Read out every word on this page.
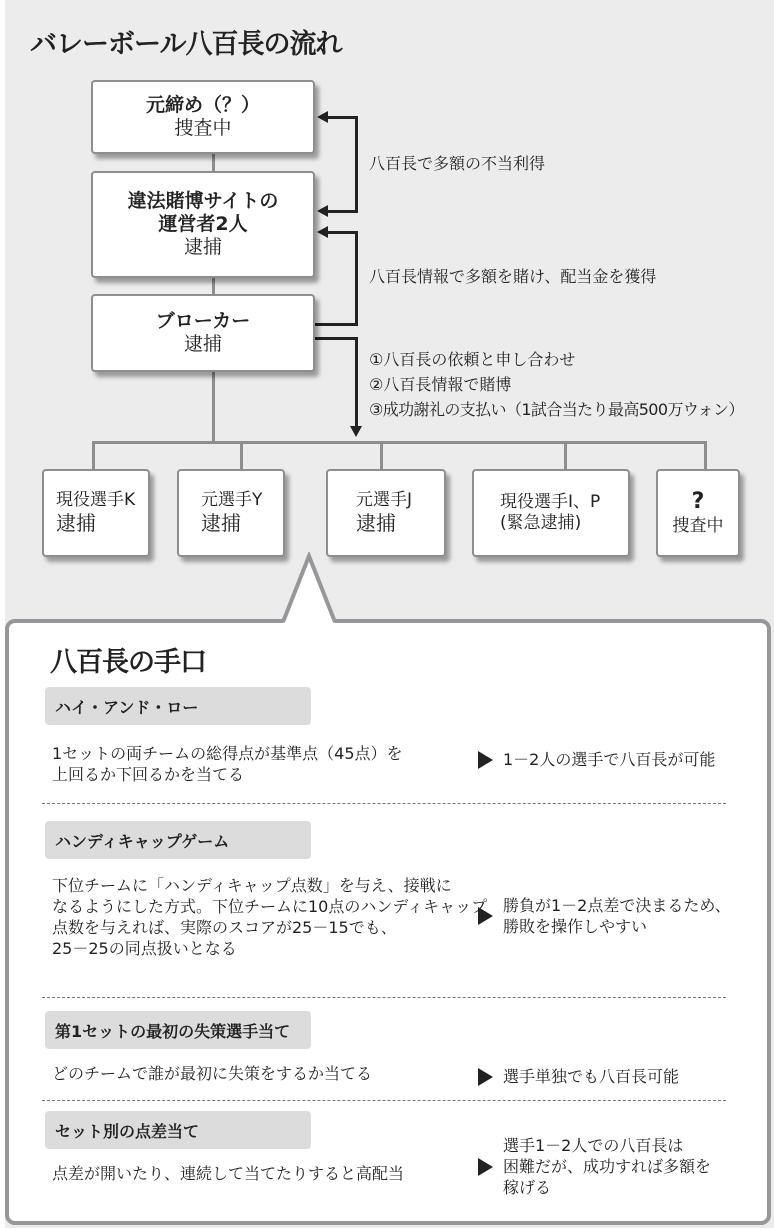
バレーボール八百長の流れ
元締め（？）
捜査中
違法賭博サイトの
運営者2人
逮捕
ブローカー
逮捕
八百長で多額の不当利得
八百長情報で多額を賭け、配当金を獲得
①八百長の依頼と申し合わせ
②八百長情報で賭博
③成功謝礼の支払い（1試合当たり最高500万ウォン）
現役選手K
逮捕
元選手Y
逮捕
元選手J
逮捕
現役選手I、P
(緊急逮捕)
?
捜査中
八百長の手口
ハイ・アンド・ロー
1セットの両チームの総得点が基準点（45点）を
上回るか下回るかを当てる
1－2人の選手で八百長が可能
ハンディキャップゲーム
下位チームに「ハンディキャップ点数」を与え、接戦に
なるようにした方式。下位チームに10点のハンディキャップ
点数を与えれば、実際のスコアが25－15でも、
25－25の同点扱いとなる
勝負が1－2点差で決まるため、
勝敗を操作しやすい
第1セットの最初の失策選手当て
どのチームで誰が最初に失策をするか当てる	選手単独でも八百長可能
セット別の点差当て
点差が開いたり、連続して当てたりすると高配当
選手1－2人での八百長は
困難だが、成功すれば多額を
稼げる
